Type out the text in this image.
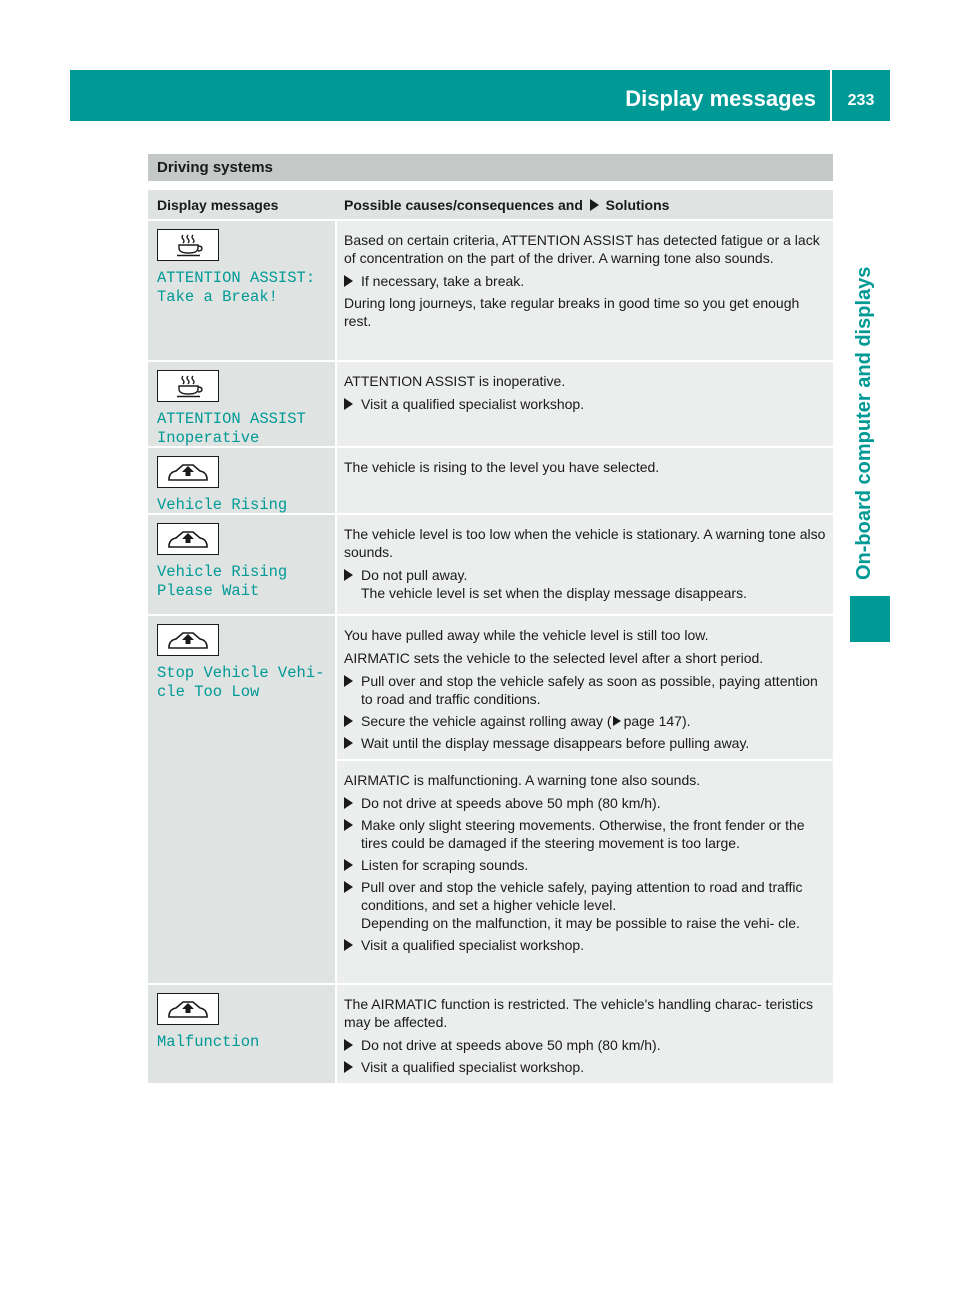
Display messages	233
On-board computer and displays
Driving systems
Display messages	Possible causes/consequences and Solutions
ATTENTION ASSIST:
Take a Break!
Based on certain criteria, ATTENTION ASSIST has detected fatigue or a lack of concentration on the part of the driver. A warning tone also sounds.
If necessary, take a break.
During long journeys, take regular breaks in good time so you get enough rest.
ATTENTION ASSIST
Inoperative
ATTENTION ASSIST is inoperative.
Visit a qualified specialist workshop.
Vehicle Rising
The vehicle is rising to the level you have selected.
Vehicle Rising
Please Wait
The vehicle level is too low when the vehicle is stationary. A warning tone also sounds.
Do not pull away.
The vehicle level is set when the display message disappears.
Stop Vehicle Vehi‐
cle Too Low
You have pulled away while the vehicle level is still too low.
AIRMATIC sets the vehicle to the selected level after a short period.
Pull over and stop the vehicle safely as soon as possible, paying attention to road and traffic conditions.
Secure the vehicle against rolling away ( page 147).
Wait until the display message disappears before pulling away.
AIRMATIC is malfunctioning. A warning tone also sounds.
Do not drive at speeds above 50 mph (80 km/h).
Make only slight steering movements. Otherwise, the front fender or the tires could be damaged if the steering movement is too large.
Listen for scraping sounds.
Pull over and stop the vehicle safely, paying attention to road and traffic conditions, and set a higher vehicle level.
Depending on the malfunction, it may be possible to raise the vehi‐ cle.
Visit a qualified specialist workshop.
Malfunction
The AIRMATIC function is restricted. The vehicle's handling charac‐ teristics may be affected.
Do not drive at speeds above 50 mph (80 km/h).
Visit a qualified specialist workshop.
